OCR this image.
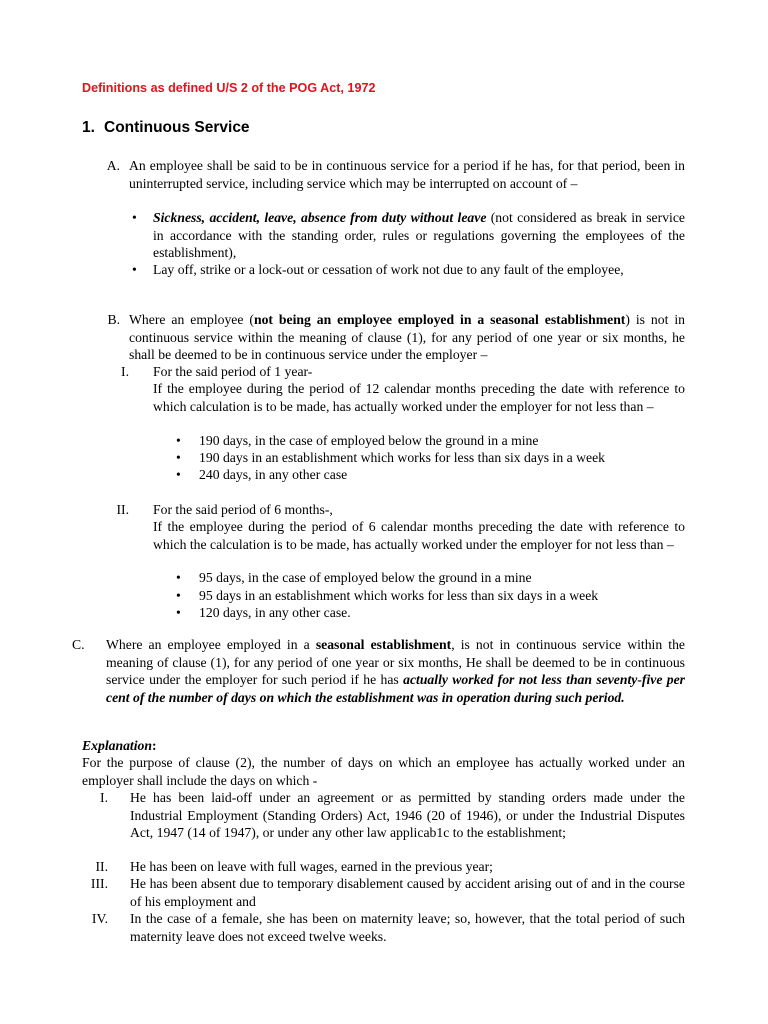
Definitions as defined U/S 2 of the POG Act, 1972
1. Continuous Service
A. An employee shall be said to be in continuous service for a period if he has, for that period, been in uninterrupted service, including service which may be interrupted on account of –
• Sickness, accident, leave, absence from duty without leave (not considered as break in service in accordance with the standing order, rules or regulations governing the employees of the establishment),
• Lay off, strike or a lock-out or cessation of work not due to any fault of the employee,
B. Where an employee (not being an employee employed in a seasonal establishment) is not in continuous service within the meaning of clause (1), for any period of one year or six months, he shall be deemed to be in continuous service under the employer –
I. For the said period of 1 year-
If the employee during the period of 12 calendar months preceding the date with reference to which calculation is to be made, has actually worked under the employer for not less than –
• 190 days, in the case of employed below the ground in a mine
• 190 days in an establishment which works for less than six days in a week
• 240 days, in any other case
II. For the said period of 6 months-,
If the employee during the period of 6 calendar months preceding the date with reference to which the calculation is to be made, has actually worked under the employer for not less than –
• 95 days, in the case of employed below the ground in a mine
• 95 days in an establishment which works for less than six days in a week
• 120 days, in any other case.
C.	Where an employee employed in a seasonal establishment, is not in continuous service within the meaning of clause (1), for any period of one year or six months, He shall be deemed to be in continuous service under the employer for such period if he has actually worked for not less than seventy-five per cent of the number of days on which the establishment was in operation during such period.
Explanation:
For the purpose of clause (2), the number of days on which an employee has actually worked under an employer shall include the days on which -
I. He has been laid-off under an agreement or as permitted by standing orders made under the Industrial Employment (Standing Orders) Act, 1946 (20 of 1946), or under the Industrial Disputes Act, 1947 (14 of 1947), or under any other law applicab1c to the establishment;
II. He has been on leave with full wages, earned in the previous year;
III. He has been absent due to temporary disablement caused by accident arising out of and in the course of his employment and
IV. In the case of a female, she has been on maternity leave; so, however, that the total period of such maternity leave does not exceed twelve weeks.
